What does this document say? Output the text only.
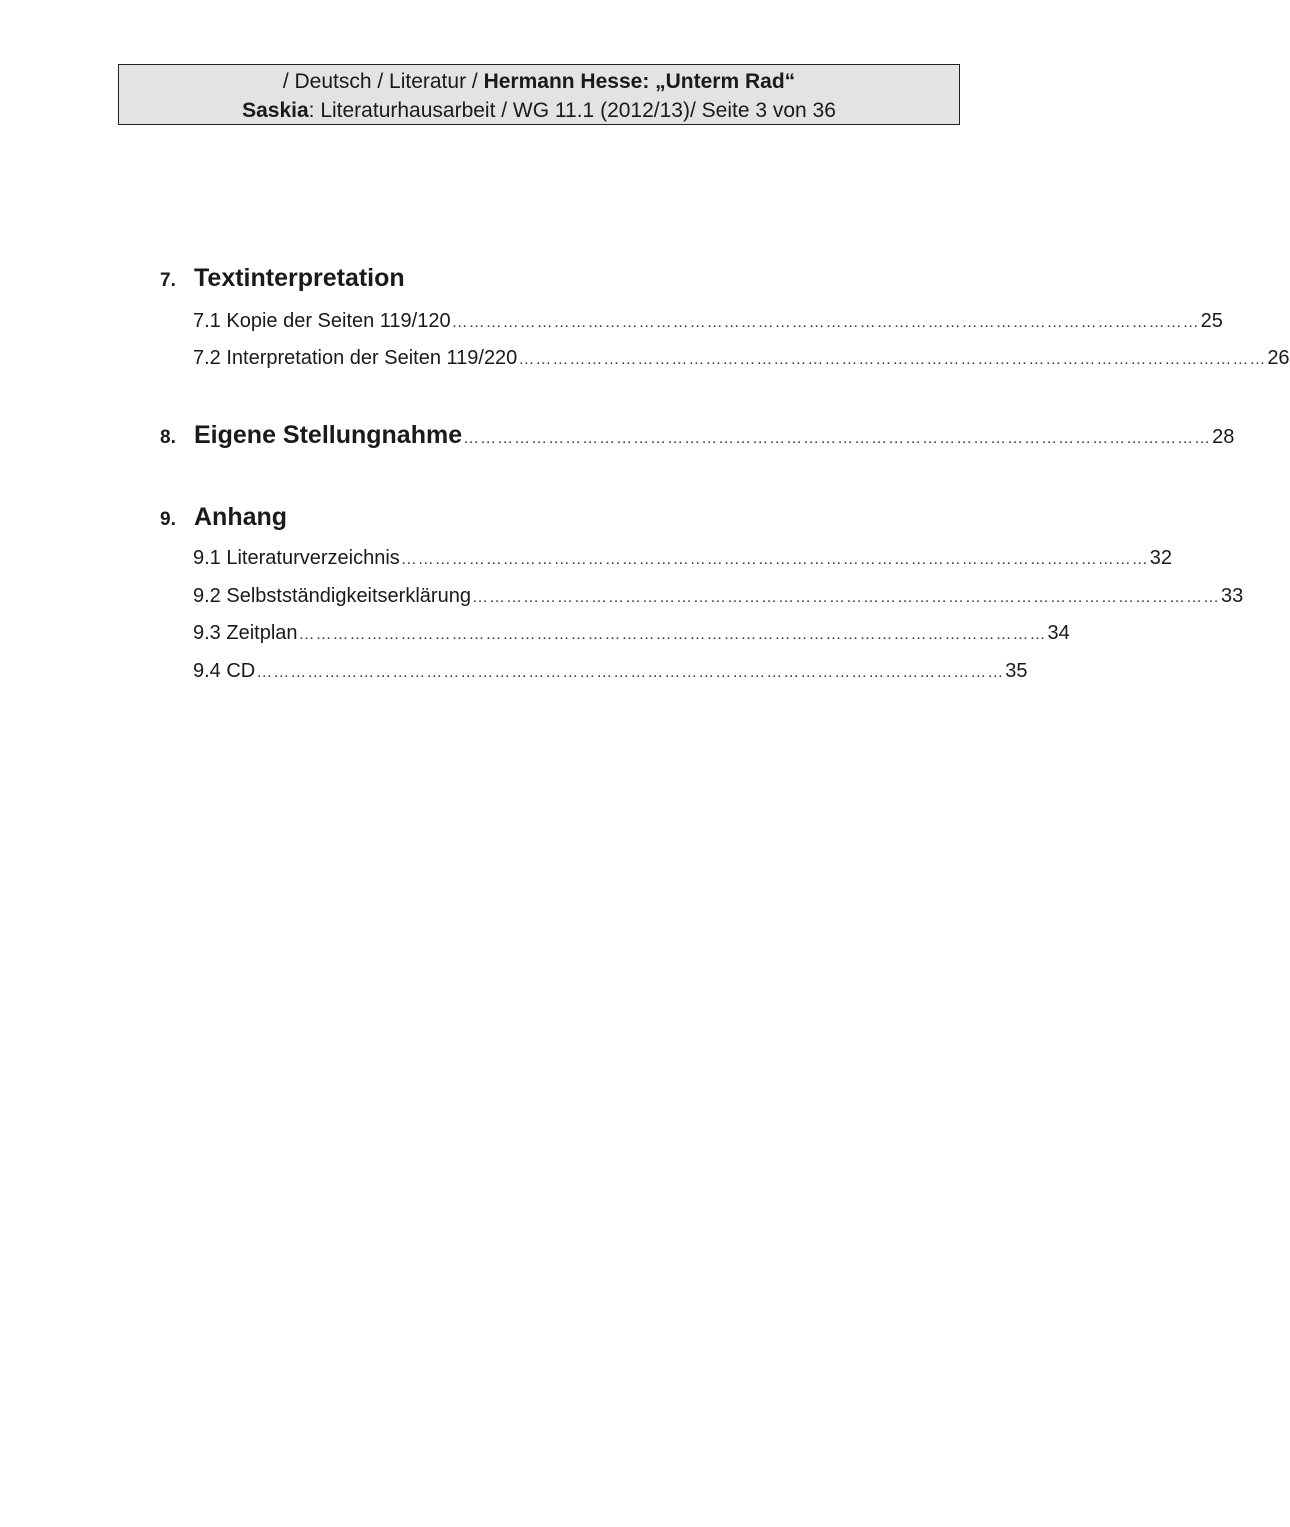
/ Deutsch / Literatur / Hermann Hesse: „Unterm Rad“
Saskia: Literaturhausarbeit / WG 11.1 (2012/13)/ Seite 3 von 36
7. Textinterpretation
7.1 Kopie der Seiten 119/120 …………………………………………………………………………………………………………………… 25
7.2 Interpretation der Seiten 119/220 …………………………………………………………………………………………………………………… 26
8. Eigene Stellungnahme …………………………………………………………………………………………………………………… 28
9. Anhang
9.1 Literaturverzeichnis …………………………………………………………………………………………………………………… 32
9.2 Selbstständigkeitserklärung …………………………………………………………………………………………………………………… 33
9.3 Zeitplan …………………………………………………………………………………………………………………… 34
9.4 CD …………………………………………………………………………………………………………………… 35
